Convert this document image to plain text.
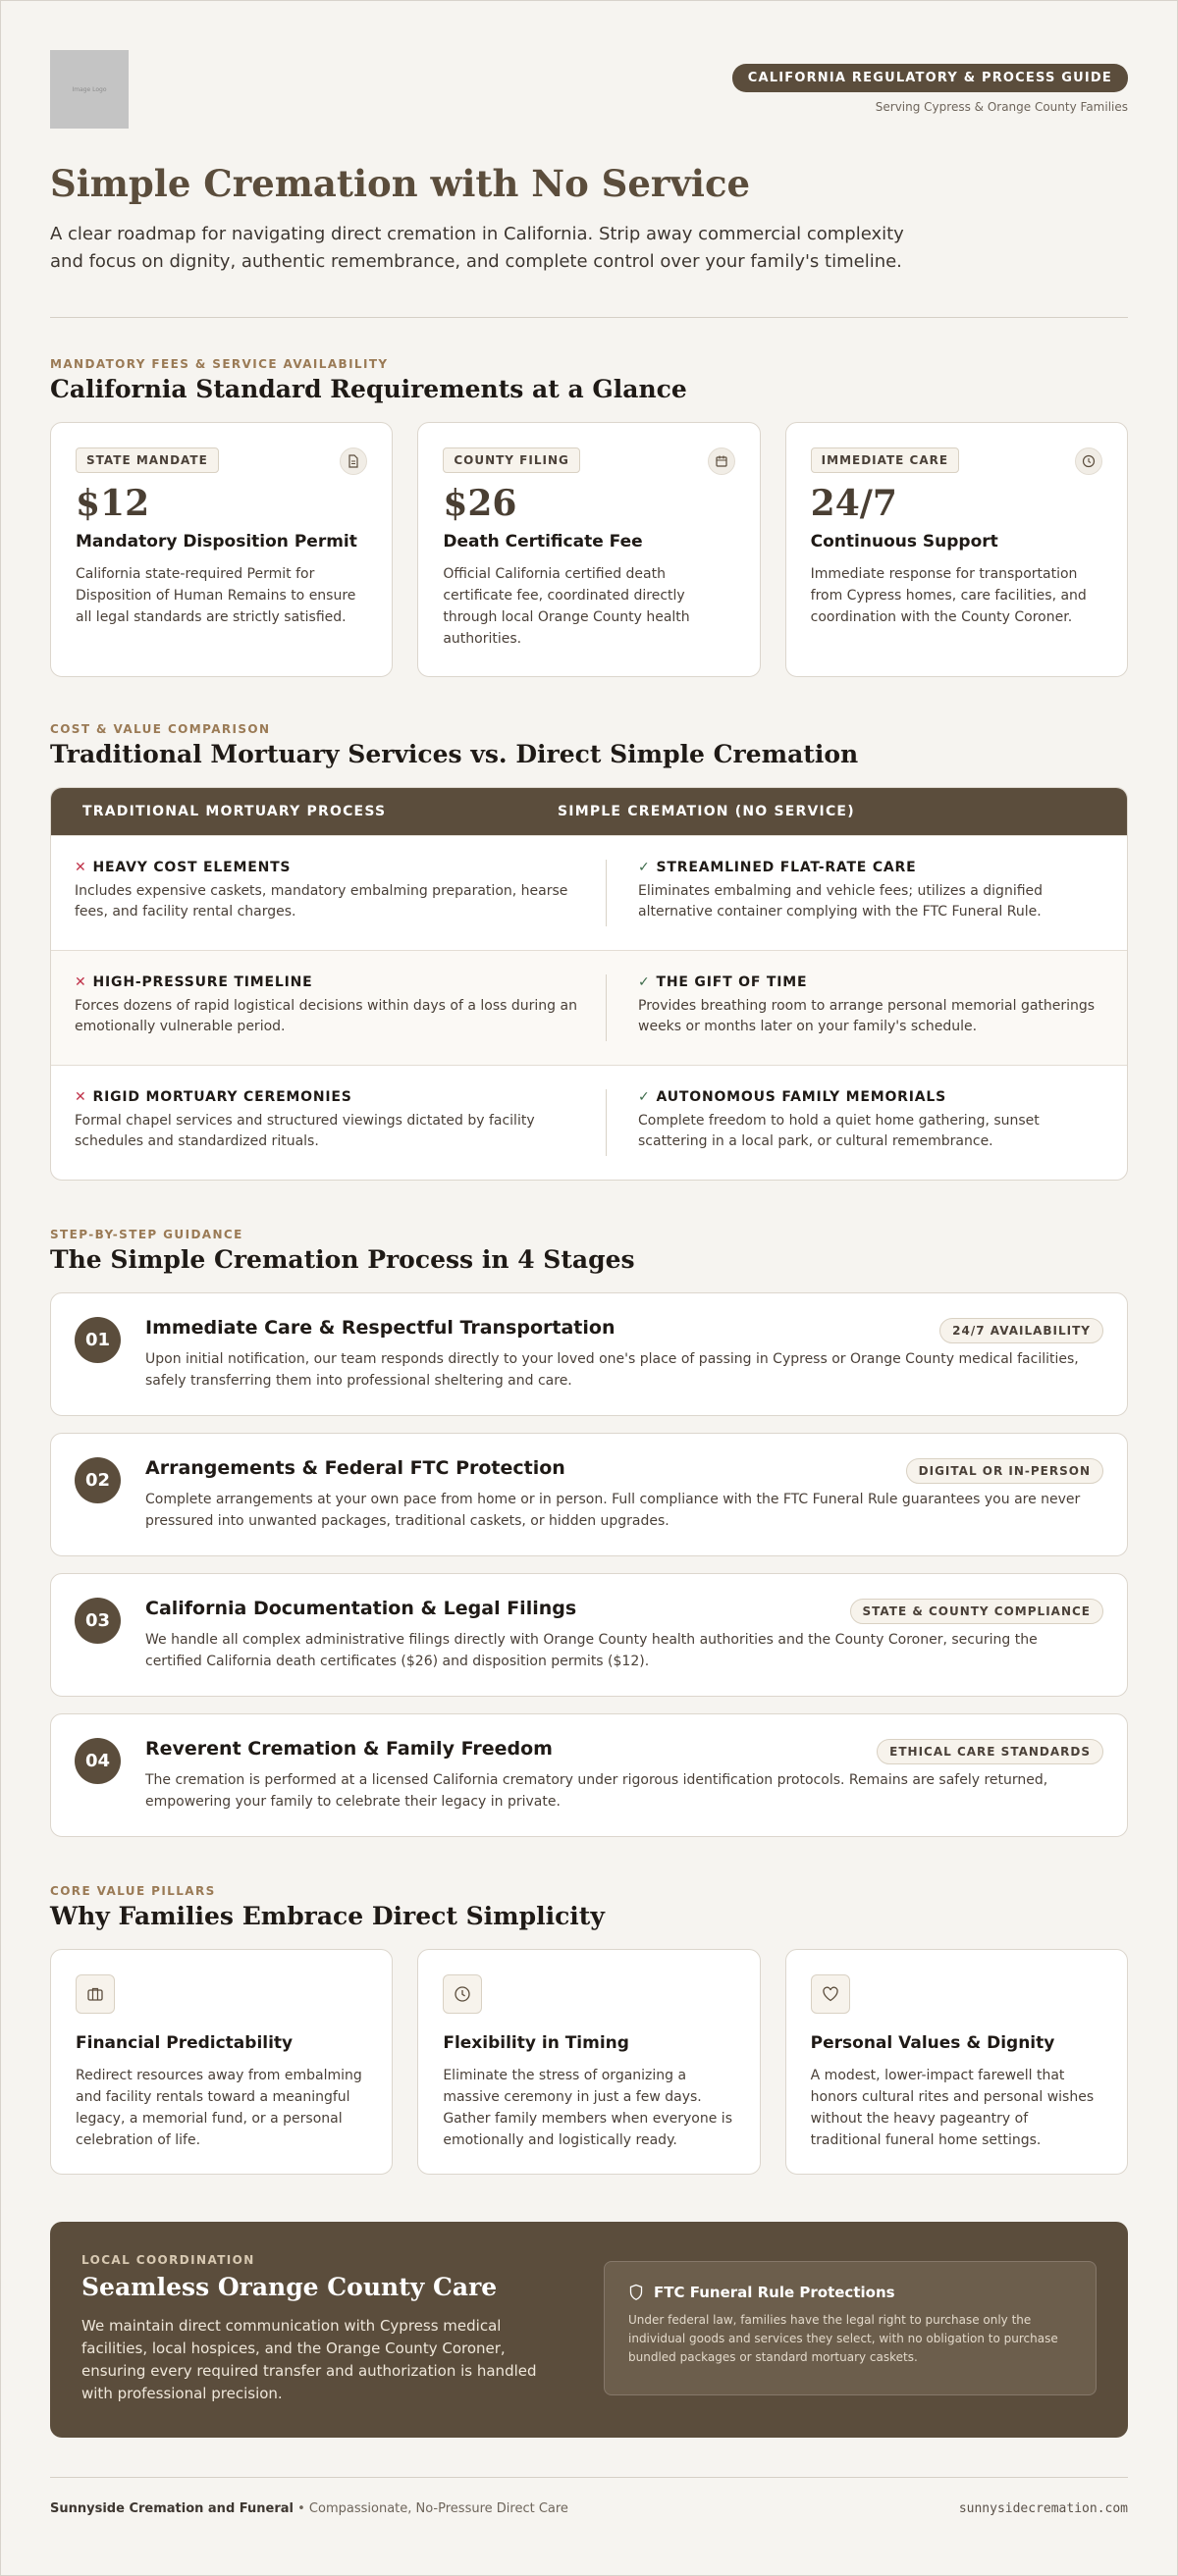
Image Logo
CALIFORNIA REGULATORY & PROCESS GUIDE
Serving Cypress & Orange County Families
Simple Cremation with No Service

A clear roadmap for navigating direct cremation in California. Strip away commercial complexity and focus on dignity, authentic remembrance, and complete control over your family's timeline.

MANDATORY FEES & SERVICE AVAILABILITY
California Standard Requirements at a Glance
STATE MANDATE
$12
Mandatory Disposition Permit

California state-required Permit for Disposition of Human Remains to ensure all legal standards are strictly satisfied.

COUNTY FILING
$26
Death Certificate Fee

Official California certified death certificate fee, coordinated directly through local Orange County health authorities.

IMMEDIATE CARE
24/7
Continuous Support

Immediate response for transportation from Cypress homes, care facilities, and coordination with the County Coroner.

COST & VALUE COMPARISON
Traditional Mortuary Services vs. Direct Simple Cremation
TRADITIONAL MORTUARY PROCESS	SIMPLE CREMATION (NO SERVICE)
✕ HEAVY COST ELEMENTS

Includes expensive caskets, mandatory embalming preparation, hearse fees, and facility rental charges.

✓ STREAMLINED FLAT-RATE CARE

Eliminates embalming and vehicle fees; utilizes a dignified alternative container complying with the FTC Funeral Rule.

✕ HIGH-PRESSURE TIMELINE

Forces dozens of rapid logistical decisions within days of a loss during an emotionally vulnerable period.

✓ THE GIFT OF TIME

Provides breathing room to arrange personal memorial gatherings weeks or months later on your family's schedule.

✕ RIGID MORTUARY CEREMONIES

Formal chapel services and structured viewings dictated by facility schedules and standardized rituals.

✓ AUTONOMOUS FAMILY MEMORIALS

Complete freedom to hold a quiet home gathering, sunset scattering in a local park, or cultural remembrance.

STEP-BY-STEP GUIDANCE
The Simple Cremation Process in 4 Stages
01
Immediate Care & Respectful Transportation	24/7 AVAILABILITY

Upon initial notification, our team responds directly to your loved one's place of passing in Cypress or Orange County medical facilities, safely transferring them into professional sheltering and care.

02
Arrangements & Federal FTC Protection	DIGITAL OR IN-PERSON

Complete arrangements at your own pace from home or in person. Full compliance with the FTC Funeral Rule guarantees you are never pressured into unwanted packages, traditional caskets, or hidden upgrades.

03
California Documentation & Legal Filings	STATE & COUNTY COMPLIANCE

We handle all complex administrative filings directly with Orange County health authorities and the County Coroner, securing the certified California death certificates ($26) and disposition permits ($12).

04
Reverent Cremation & Family Freedom	ETHICAL CARE STANDARDS

The cremation is performed at a licensed California crematory under rigorous identification protocols. Remains are safely returned, empowering your family to celebrate their legacy in private.

CORE VALUE PILLARS
Why Families Embrace Direct Simplicity
Financial Predictability

Redirect resources away from embalming and facility rentals toward a meaningful legacy, a memorial fund, or a personal celebration of life.

Flexibility in Timing

Eliminate the stress of organizing a massive ceremony in just a few days. Gather family members when everyone is emotionally and logistically ready.

Personal Values & Dignity

A modest, lower-impact farewell that honors cultural rites and personal wishes without the heavy pageantry of traditional funeral home settings.

LOCAL COORDINATION
Seamless Orange County Care

We maintain direct communication with Cypress medical facilities, local hospices, and the Orange County Coroner, ensuring every required transfer and authorization is handled with professional precision.

FTC Funeral Rule Protections

Under federal law, families have the legal right to purchase only the individual goods and services they select, with no obligation to purchase bundled packages or standard mortuary caskets.

Sunnyside Cremation and Funeral • Compassionate, No-Pressure Direct Care	sunnysidecremation.com
